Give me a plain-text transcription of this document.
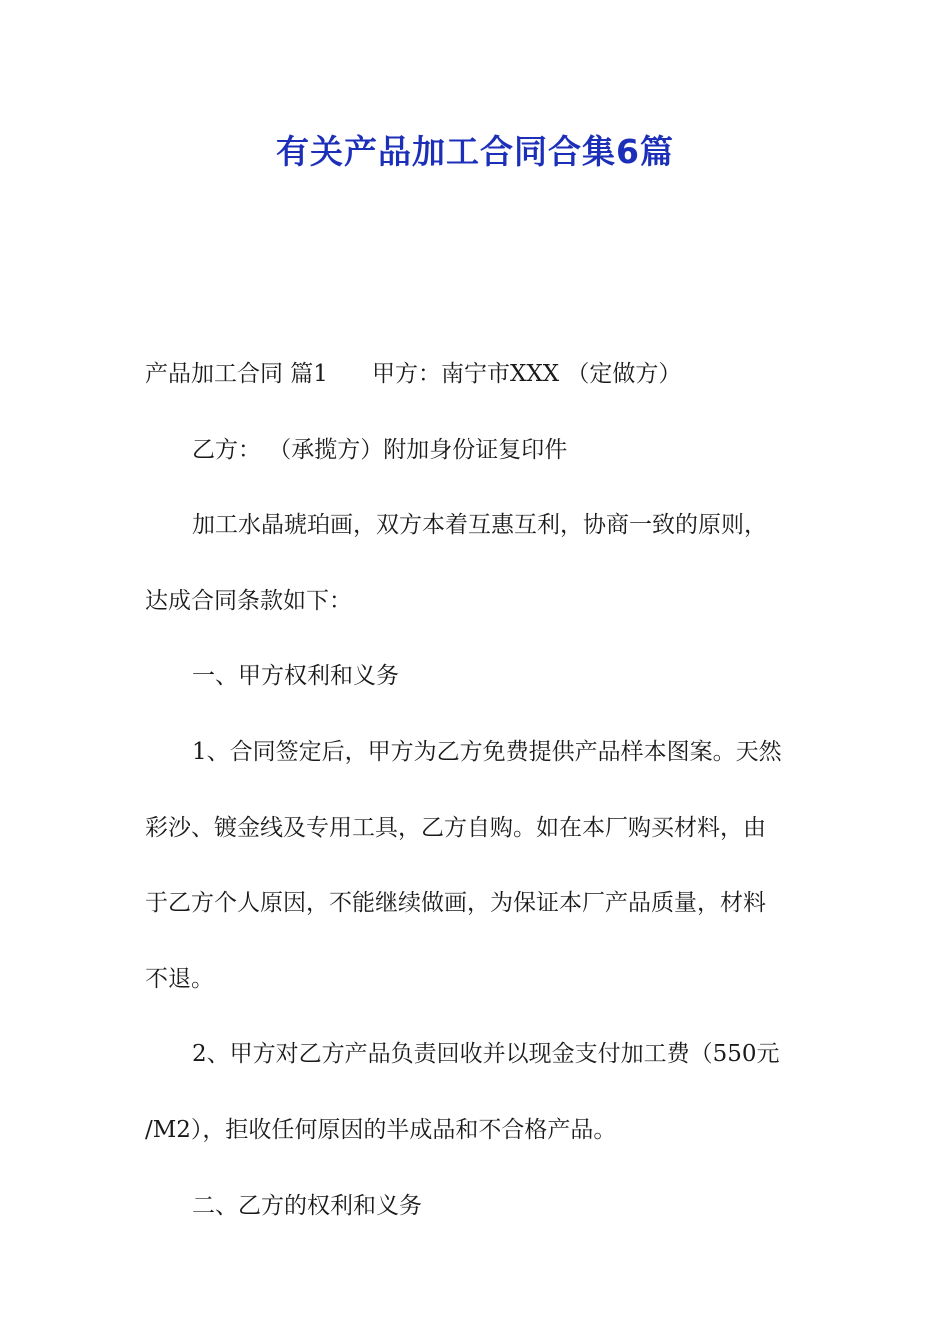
有关产品加工合同合集6篇
产品加工合同 篇1 甲方：南宁市XXX （定做方）
乙方： （承揽方）附加身份证复印件
加工水晶琥珀画，双方本着互惠互利，协商一致的原则，
达成合同条款如下：
一、甲方权利和义务
1、合同签定后，甲方为乙方免费提供产品样本图案。天然
彩沙、镀金线及专用工具，乙方自购。如在本厂购买材料，由
于乙方个人原因，不能继续做画，为保证本厂产品质量，材料
不退。
2、甲方对乙方产品负责回收并以现金支付加工费（550元
/M2），拒收任何原因的半成品和不合格产品。
二、乙方的权利和义务
